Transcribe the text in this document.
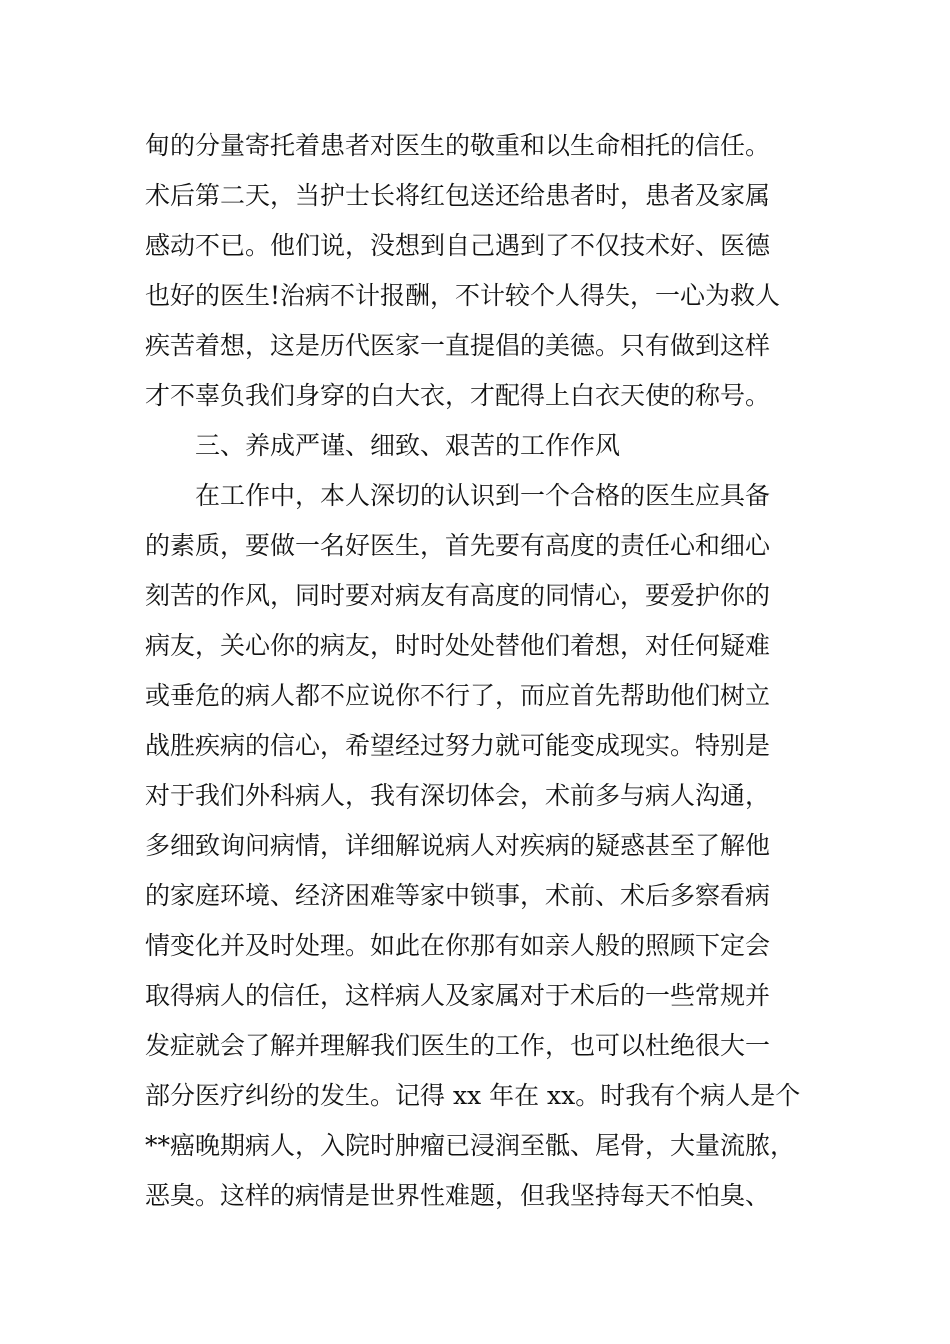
甸的分量寄托着患者对医生的敬重和以生命相托的信任。
术后第二天，当护士长将红包送还给患者时，患者及家属
感动不已。他们说，没想到自己遇到了不仅技术好、医德
也好的医生!治病不计报酬，不计较个人得失，一心为救人
疾苦着想，这是历代医家一直提倡的美德。只有做到这样
才不辜负我们身穿的白大衣，才配得上白衣天使的称号。
三、养成严谨、细致、艰苦的工作作风
在工作中，本人深切的认识到一个合格的医生应具备
的素质，要做一名好医生，首先要有高度的责任心和细心
刻苦的作风，同时要对病友有高度的同情心，要爱护你的
病友，关心你的病友，时时处处替他们着想，对任何疑难
或垂危的病人都不应说你不行了，而应首先帮助他们树立
战胜疾病的信心，希望经过努力就可能变成现实。特别是
对于我们外科病人，我有深切体会，术前多与病人沟通，
多细致询问病情，详细解说病人对疾病的疑惑甚至了解他
的家庭环境、经济困难等家中锁事，术前、术后多察看病
情变化并及时处理。如此在你那有如亲人般的照顾下定会
取得病人的信任，这样病人及家属对于术后的一些常规并
发症就会了解并理解我们医生的工作，也可以杜绝很大一
部分医疗纠纷的发生。记得 xx 年在 xx。时我有个病人是个
**癌晚期病人，入院时肿瘤已浸润至骶、尾骨，大量流脓，
恶臭。这样的病情是世界性难题，但我坚持每天不怕臭、
